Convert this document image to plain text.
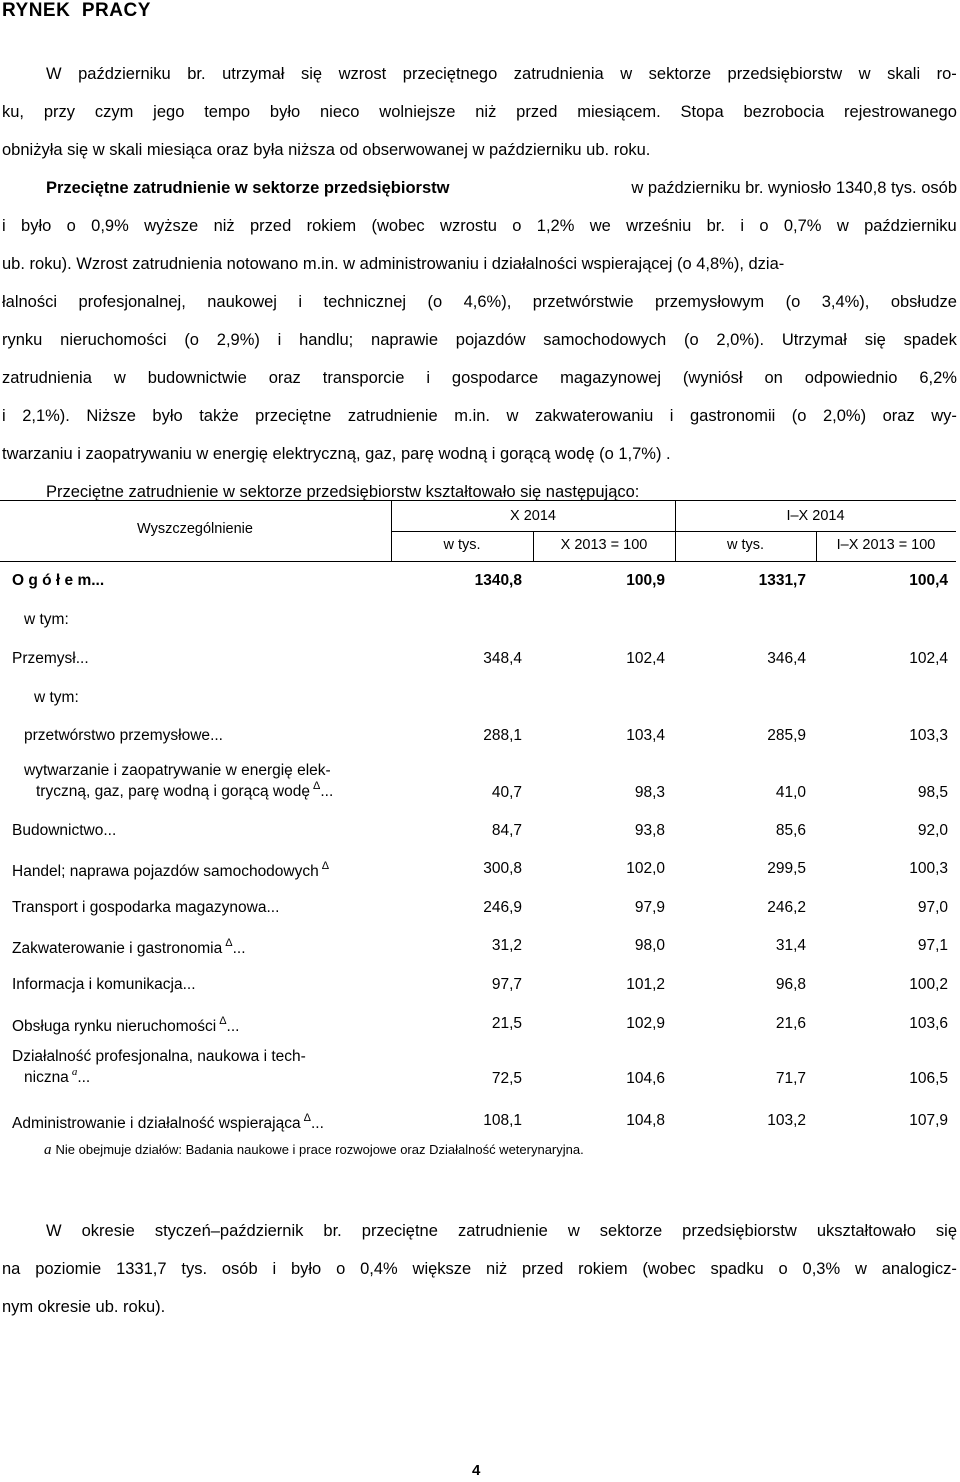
RYNEK  PRACY
W październiku br. utrzymał się wzrost przeciętnego zatrudnienia w sektorze przedsiębiorstw w skali ro-
ku, przy czym jego tempo było nieco wolniejsze niż przed miesiącem. Stopa bezrobocia rejestrowanego
obniżyła się w skali miesiąca oraz była niższa od obserwowanej w październiku ub. roku.
Przeciętne zatrudnienie w sektorze przedsiębiorstw	w październiku br. wyniosło 1340,8 tys. osób
i było o 0,9% wyższe niż przed rokiem (wobec wzrostu o 1,2% we wrześniu br. i o 0,7% w październiku
ub. roku). Wzrost zatrudnienia notowano m.in. w administrowaniu i działalności wspierającej (o 4,8%), dzia-
łalności profesjonalnej, naukowej i technicznej (o 4,6%), przetwórstwie przemysłowym (o 3,4%), obsłudze
rynku nieruchomości (o 2,9%) i handlu; naprawie pojazdów samochodowych (o 2,0%). Utrzymał się spadek
zatrudnienia w budownictwie oraz transporcie i gospodarce magazynowej (wyniósł on odpowiednio 6,2%
i 2,1%). Niższe było także przeciętne zatrudnienie m.in. w zakwaterowaniu i gastronomii (o 2,0%) oraz wy-
twarzaniu i zaopatrywaniu w energię elektryczną, gaz, parę wodną i gorącą wodę (o 1,7%) .
Przeciętne zatrudnienie w sektorze przedsiębiorstw kształtowało się następująco:
Wyszczególnienie
X 2014	I–X 2014
w tys.	X 2013 = 100	w tys.	I–X 2013 = 100
O g ó ł e m...	1340,8	100,9	1331,7	100,4
w tym:
Przemysł...	348,4	102,4	346,4	102,4
w tym:
przetwórstwo przemysłowe...	288,1	103,4	285,9	103,3
wytwarzanie i zaopatrywanie w energię elek-
tryczną, gaz, parę wodną i gorącą wodę $^\Delta$...	40,7	98,3	41,0	98,5
Budownictwo...	84,7	93,8	85,6	92,0
Handel; naprawa pojazdów samochodowych $^\Delta$	300,8	102,0	299,5	100,3
Transport i gospodarka magazynowa...	246,9	97,9	246,2	97,0
Zakwaterowanie i gastronomia $^\Delta$...	31,2	98,0	31,4	97,1
Informacja i komunikacja...	97,7	101,2	96,8	100,2
Obsługa rynku nieruchomości $^\Delta$...	21,5	102,9	21,6	103,6
Działalność profesjonalna, naukowa i tech-
niczna $^a$...	72,5	104,6	71,7	106,5
Administrowanie i działalność wspierająca $^\Delta$...	108,1	104,8	103,2	107,9
a Nie obejmuje działów: Badania naukowe i prace rozwojowe oraz Działalność weterynaryjna.
W okresie styczeń–październik br. przeciętne zatrudnienie w sektorze przedsiębiorstw ukształtowało się
na poziomie 1331,7 tys. osób i było o 0,4% większe niż przed rokiem (wobec spadku o 0,3% w analogicz-
nym okresie ub. roku).
4
